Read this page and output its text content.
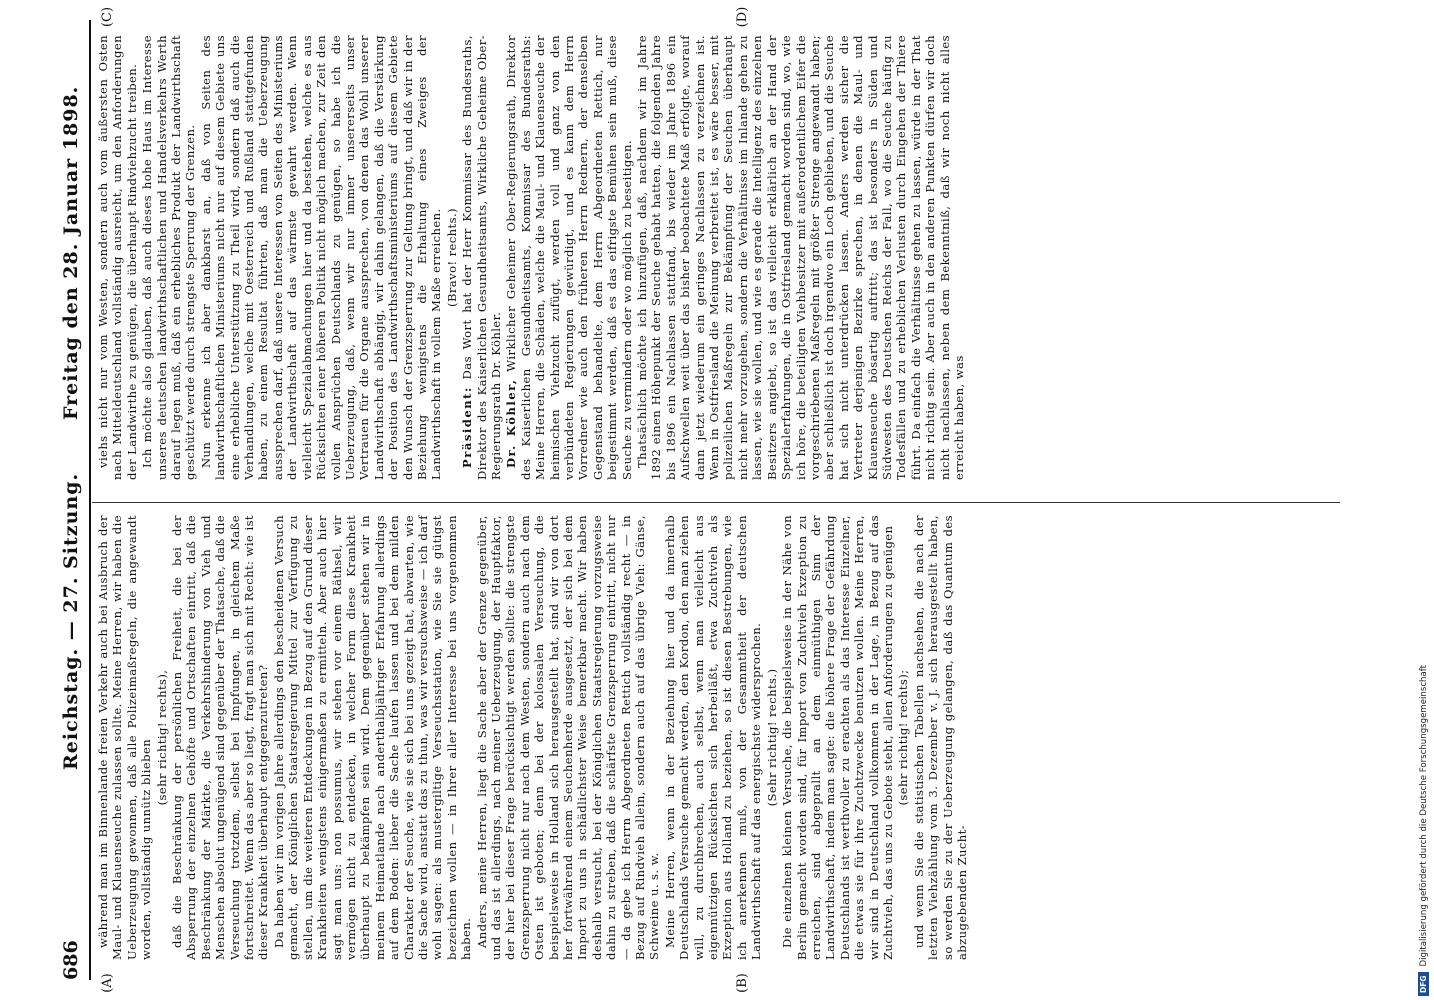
686
Reichstag. — 27. Sitzung.
Freitag den 28. Januar 1898.
(A)	(B)
(C)	(D)

während man im Binnenlande freien Verkehr auch bei Ausbruch der Maul- und Klauenseuche zulassen sollte. Meine Herren, wir haben die Ueberzeugung gewonnen, daß alle Polizeimaßregeln, die angewandt worden, vollständig unnütz blieben

(sehr richtig! rechts), daß die Beschränkung der persönlichen Freiheit, die bei der Absperrung der einzelnen Gehöfte und Ortschaften eintritt, daß die Beschränkung der Märkte, die Verkehrshinderung von Vieh und Menschen absolut ungenügend sind gegenüber der Thatsache, daß die Verseuchung trotzdem, selbst bei Impfungen, in gleichem Maße fortschreitet. Wenn das aber so liegt, fragt man sich mit Recht: wie ist dieser Krankheit überhaupt entgegenzutreten? Da haben wir im vorigen Jahre allerdings den bescheidenen Versuch gemacht, der Königlichen Staatsregierung Mittel zur Verfügung zu stellen, um die weiteren Entdeckungen in Bezug auf den Grund dieser Krankheiten wenigstens einigermaßen zu ermitteln. Aber auch hier sagt man uns: non possumus, wir stehen vor einem Räthsel, wir vermögen nicht zu entdecken, in welcher Form diese Krankheit überhaupt zu bekämpfen sein wird. Dem gegenüber stehen wir in meinem Heimatlande nach anderthalbjähriger Erfahrung allerdings auf dem Boden: lieber die Sache laufen lassen und bei dem milden Charakter der Seuche, wie sie sich bei uns gezeigt hat, abwarten, wie die Sache wird, anstatt das zu thun, was wir versuchsweise — ich darf wohl sagen: als mustergiltige Verseuchsstation, wie Sie sie gütigst bezeichnen wollen — in Ihrer aller Interesse bei uns vorgenommen haben. Anders, meine Herren, liegt die Sache aber der Grenze gegenüber, und das ist allerdings, nach meiner Ueberzeugung, der Hauptfaktor, der hier bei dieser Frage berücksichtigt werden sollte: die strengste Grenzsperrung nicht nur nach dem Westen, sondern auch nach dem Osten ist geboten; denn bei der kolossalen Verseuchung, die beispielsweise in Holland sich herausgestellt hat, sind wir von dort her fortwährend einem Seuchenherde ausgesetzt, der sich bei dem Import zu uns in schädlichster Weise bemerkbar macht. Wir haben deshalb versucht, bei der Königlichen Staatsregierung vorzugsweise dahin zu streben, daß die schärfste Grenzsperrung eintritt, nicht nur — da gebe ich Herrn Abgeordneten Rettich vollständig recht — in Bezug auf Rindvieh allein, sondern auch auf das übrige Vieh: Gänse, Schweine u. s. w. Meine Herren, wenn in der Beziehung hier und da innerhalb Deutschlands Versuche gemacht werden, den Kordon, den man ziehen will, zu durchbrechen, auch selbst, wenn man vielleicht aus eigennützigen Rücksichten sich herbeiläßt, etwa Zuchtvieh als Exzeption aus Holland zu beziehen, so ist diesen Bestrebungen, wie ich anerkennen muß, von der Gesammtheit der deutschen Landwirthschaft auf das energischste widersprochen. (Sehr richtig! rechts.) Die einzelnen kleinen Versuche, die beispielsweise in der Nähe von Berlin gemacht worden sind, für Import von Zuchtvieh Exzeption zu erreichen, sind abgeprallt an dem einmüthigen Sinn der Landwirthschaft, indem man sagte: die höhere Frage der Gefährdung Deutschlands ist werthvoller zu erachten als das Interesse Einzelner, die etwas sie für ihre Zuchtzwecke benutzen wollen. Meine Herren, wir sind in Deutschland vollkommen in der Lage, in Bezug auf das Zuchtvieh, das uns zu Gebote steht, allen Anforderungen zu genügen (sehr richtig! rechts); und wenn Sie die statistischen Tabellen nachsehen, die nach der letzten Viehzählung vom 3. Dezember v. J. sich herausgestellt haben, so werden Sie zu der Ueberzeugung gelangen, daß das Quantum des abzugebenden Zucht-

viehs nicht nur vom Westen, sondern auch vom äußersten Osten nach Mitteldeutschland vollständig ausreicht, um den Anforderungen der Landwirthe zu genügen, die überhaupt Rindviehzucht treiben. Ich möchte also glauben, daß auch dieses hohe Haus im Interesse unseres deutschen landwirthschaftlichen und Handelsverkehrs Werth darauf legen muß, daß ein erhebliches Produkt der Landwirthschaft geschützt werde durch strengste Sperrung der Grenzen. Nun erkenne ich aber dankbarst an, daß von Seiten des landwirthschaftlichen Ministeriums nicht nur auf diesem Gebiete uns eine erhebliche Unterstützung zu Theil wird, sondern daß auch die Verhandlungen, welche mit Oesterreich und Rußland stattgefunden haben, zu einem Resultat führten, daß man die Ueberzeugung aussprechen darf, daß unsere Interessen von Seiten des Ministeriums der Landwirthschaft auf das wärmste gewahrt werden. Wenn vielleicht Spezialabmachungen hier und da bestehen, welche es aus Rücksichten einer höheren Politik nicht möglich machen, zur Zeit den vollen Ansprüchen Deutschlands zu genügen, so habe ich die Ueberzeugung, daß, wenn wir nur immer unsererseits unser Vertrauen für die Organe aussprechen, von denen das Wohl unserer Landwirthschaft abhängig, wir dahin gelangen, daß die Verstärkung der Position des Landwirthschaftsministeriums auf diesem Gebiete den Wunsch der Grenzsperrung zur Geltung bringt, und daß wir in der Beziehung wenigstens die Erhaltung eines Zweiges der Landwirthschaft in vollem Maße erreichen. (Bravo! rechts.)

Präsident: Das Wort hat der Herr Kommissar des Bundesraths, Direktor des Kaiserlichen Gesundheitsamts, Wirkliche Geheime Ober-Regierungsrath Dr. Köhler. Dr. Köhler, Wirklicher Geheimer Ober-Regierungsrath, Direktor des Kaiserlichen Gesundheitsamts, Kommissar des Bundesraths: Meine Herren, die Schäden, welche die Maul- und Klauenseuche der heimischen Viehzucht zufügt, werden voll und ganz von den verbündeten Regierungen gewürdigt, und es kann dem Herrn Vorredner wie auch den früheren Herrn Rednern, der denselben Gegenstand behandelte, dem Herrn Abgeordneten Rettich, nur beigestimmt werden, daß es das eifrigste Bemühen sein muß, diese Seuche zu vermindern oder wo möglich zu beseitigen. Thatsächlich möchte ich hinzufügen, daß, nachdem wir im Jahre 1892 einen Höhepunkt der Seuche gehabt hatten, die folgenden Jahre bis 1896 ein Nachlassen stattfand, bis wieder im Jahre 1896 ein Aufschwellen weit über das bisher beobachtete Maß erfolgte, worauf dann jetzt wiederum ein geringes Nachlassen zu verzeichnen ist. Wenn in Ostfriesland die Meinung verbreitet ist, es wäre besser, mit polizeilichen Maßregeln zur Bekämpfung der Seuchen überhaupt nicht mehr vorzugehen, sondern die Verhältnisse im Inlande gehen zu lassen, wie sie wollen, und wie es gerade die Intelligenz des einzelnen Besitzers angiebt, so ist das vielleicht erklärlich an der Hand der Spezialerfahrungen, die in Ostfriesland gemacht worden sind, wo, wie ich höre, die beteiligten Viehbesitzer mit außerordentlichem Eifer die vorgeschriebenen Maßregeln mit größter Strenge angewandt haben; aber schließlich ist doch irgendwo ein Loch geblieben, und die Seuche hat sich nicht unterdrücken lassen. Anders werden sicher die Vertreter derjenigen Bezirke sprechen, in denen die Maul- und Klauenseuche bösartig auftritt; das ist besonders in Süden und Südwesten des Deutschen Reichs der Fall, wo die Seuche häufig zu Todesfällen und zu erheblichen Verlusten durch Eingehen der Thiere führt. Da einfach die Verhältnisse gehen zu lassen, würde in der That nicht richtig sein. Aber auch in den anderen Punkten dürfen wir doch nicht nachlassen, neben dem Bekenntniß, daß wir noch nicht alles erreicht haben, was

DFGDigitalisierung gefördert durch die Deutsche Forschungsgemeinschaft
